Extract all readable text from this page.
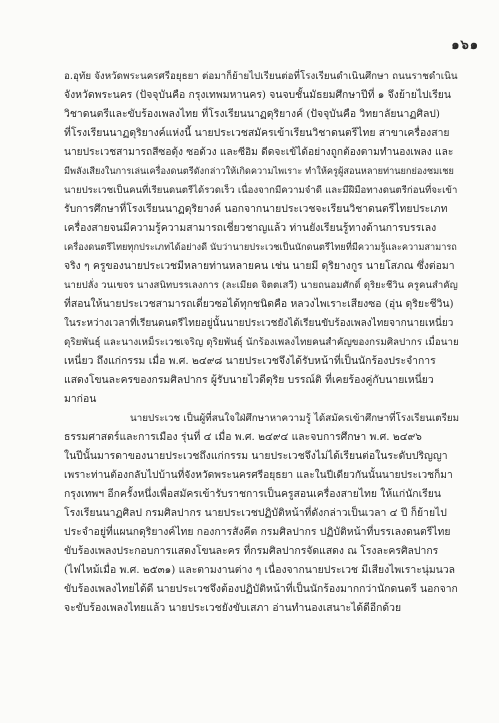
๑๖๑
อ.อุทัย จังหวัดพระนครศรีอยุธยา ต่อมาก็ย้ายไปเรียนต่อที่โรงเรียนดำเนินศึกษา ถนนราชดำเนิน
จังหวัดพระนคร (ปัจจุบันคือ กรุงเทพมหานคร) จนจบชั้นมัธยมศึกษาปีที่ ๑ จึงย้ายไปเรียน
วิชาดนตรีและขับร้องเพลงไทย ที่โรงเรียนนาฏดุริยางค์ (ปัจจุบันคือ วิทยาลัยนาฏศิลป)
ที่โรงเรียนนาฏดุริยางค์แห่งนี้ นายประเวชสมัครเข้าเรียนวิชาดนตรีไทย สาขาเครื่องสาย
นายประเวชสามารถสีซอดุ้ง ซอด้วง และซีอิม ดีดจะเข้ได้อย่างถูกต้องตามทำนองเพลง และ
มีพลังเสียงในการเล่นเครื่องดนตรีดังกล่าวให้เกิดความไพเราะ ทำให้ครูผู้สอนหลายท่านยกย่องชมเชย
นายประเวชเป็นคนที่เรียนดนตรีได้รวดเร็ว เนื่องจากมีความจำดี และมีฝีมือทางดนตรีก่อนที่จะเข้า
รับการศึกษาที่โรงเรียนนาฏดุริยางค์ นอกจากนายประเวชจะเรียนวิชาดนตรีไทยประเภท
เครื่องสายจนมีความรู้ความสามารถเชี่ยวชาญแล้ว ท่านยังเรียนรู้ทางด้านการบรรเลง
เครื่องดนตรีไทยทุกประเภทได้อย่างดี นับว่านายประเวชเป็นนักดนตรีไทยที่มีความรู้และความสามารถ
จริง ๆ ครูของนายประเวชมีหลายท่านหลายคน เช่น นายมี ดุริยางกูร นายโสภณ ซึ่งต่อมา
นายปลั่ง วนเขจร นางสนิทบรรเลงการ (ละเมียด จิตตเสวี) นายถนอมศักดิ์ ดุริยะชีวิน ครูคนสำคัญ
ที่สอนให้นายประเวชสามารถเดี่ยวซอได้ทุกชนิดคือ หลวงไพเราะเสียงซอ (อุ่น ดุริยะชีวิน)
ในระหว่างเวลาที่เรียนดนตรีไทยอยู่นั้นนายประเวชยังได้เรียนขับร้องเพลงไทยจากนายเหนี่ยว
ดุริยพันธุ์ และนางเหม็ระเวชเจริญ ดุริยพันธุ์ นักร้องเพลงไทยคนสำคัญของกรมศิลปากร เมื่อนาย
เหนี่ยว ถึงแก่กรรม เมื่อ พ.ศ. ๒๔๙๘ นายประเวชจึงได้รับหน้าที่เป็นนักร้องประจำการ
แสดงโขนละครของกรมศิลปากร ผู้รับนายไวดีดุริย บรรณ์ติ ที่เคยร้องคู่กับนายเหนี่ยว
มาก่อน
นายประเวช เป็นผู้ที่สนใจใฝ่ศึกษาหาความรู้ ได้สมัครเข้าศึกษาที่โรงเรียนเตรียม
ธรรมศาสตร์และการเมือง รุ่นที่ ๔ เมื่อ พ.ศ. ๒๔๙๔ และจบการศึกษา พ.ศ. ๒๔๙๖
ในปีนั้นมารดาของนายประเวชถึงแก่กรรม นายประเวชจึงไม่ได้เรียนต่อในระดับปริญญา
เพราะท่านต้องกลับไปบ้านที่จังหวัดพระนครศรีอยุธยา และในปีเดียวกันนั้นนายประเวชก็มา
กรุงเทพฯ อีกครั้งหนึ่งเพื่อสมัครเข้ารับราชการเป็นครูสอนเครื่องสายไทย ให้แก่นักเรียน
โรงเรียนนาฏศิลป กรมศิลปากร นายประเวชปฏิบัติหน้าที่ดังกล่าวเป็นเวลา ๔ ปี ก็ย้ายไป
ประจำอยู่ที่แผนกดุริยางค์ไทย กองการสังคีต กรมศิลปากร ปฏิบัติหน้าที่บรรเลงดนตรีไทย
ขับร้องเพลงประกอบการแสดงโขนละคร ที่กรมศิลปากรจัดแสดง ณ โรงละครศิลปากร
(ไฟไหม้เมื่อ พ.ศ. ๒๕๓๑) และตามงานต่าง ๆ เนื่องจากนายประเวช มีเสียงไพเราะนุ่มนวล
ขับร้องเพลงไทยได้ดี นายประเวชจึงต้องปฏิบัติหน้าที่เป็นนักร้องมากกว่านักดนตรี นอกจาก
จะขับร้องเพลงไทยแล้ว นายประเวชยังขับเสภา อ่านทำนองเสนาะได้ดีอีกด้วย
